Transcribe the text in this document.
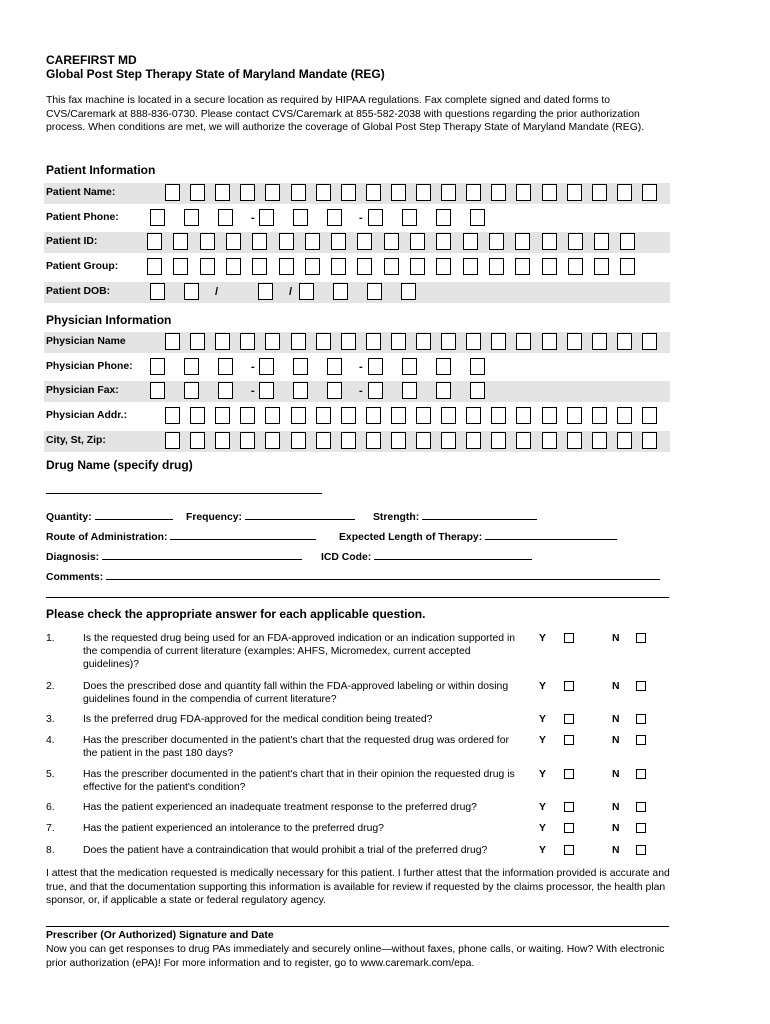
CAREFIRST MD
Global Post Step Therapy State of Maryland Mandate (REG)
This fax machine is located in a secure location as required by HIPAA regulations. Fax complete signed and dated forms to CVS/Caremark at 888-836-0730. Please contact CVS/Caremark at 855-582-2038 with questions regarding the prior authorization process. When conditions are met, we will authorize the coverage of Global Post Step Therapy State of Maryland Mandate (REG).
Patient Information
Patient Name:
Patient Phone:	-	-
Patient ID:
Patient Group:
Patient DOB:	/	/
Physician Information
Physician Name
Physician Phone:	-	-
Physician Fax:	-	-
Physician Addr.:
City, St, Zip:
Drug Name (specify drug)
Quantity:	Frequency:	Strength:
Route of Administration:	Expected Length of Therapy:
Diagnosis:	ICD Code:
Comments:
Please check the appropriate answer for each applicable question.
1.	Is the requested drug being used for an FDA-approved indication or an indication supported in the compendia of current literature (examples: AHFS, Micromedex, current accepted guidelines)?
Y	N
2.	Does the prescribed dose and quantity fall within the FDA-approved labeling or within dosing guidelines found in the compendia of current literature?
Y	N
3.	Is the preferred drug FDA-approved for the medical condition being treated?	Y	N
4.	Has the prescriber documented in the patient's chart that the requested drug was ordered for the patient in the past 180 days?
Y	N
5.	Has the prescriber documented in the patient's chart that in their opinion the requested drug is effective for the patient's condition?
Y	N
6.	Has the patient experienced an inadequate treatment response to the preferred drug?	Y	N
7.	Has the patient experienced an intolerance to the preferred drug?	Y	N
8.	Does the patient have a contraindication that would prohibit a trial of the preferred drug?	Y	N
I attest that the medication requested is medically necessary for this patient. I further attest that the information provided is accurate and true, and that the documentation supporting this information is available for review if requested by the claims processor, the health plan sponsor, or, if applicable a state or federal regulatory agency.
Prescriber (Or Authorized) Signature and Date
Now you can get responses to drug PAs immediately and securely online—without faxes, phone calls, or waiting. How? With electronic prior authorization (ePA)! For more information and to register, go to www.caremark.com/epa.
